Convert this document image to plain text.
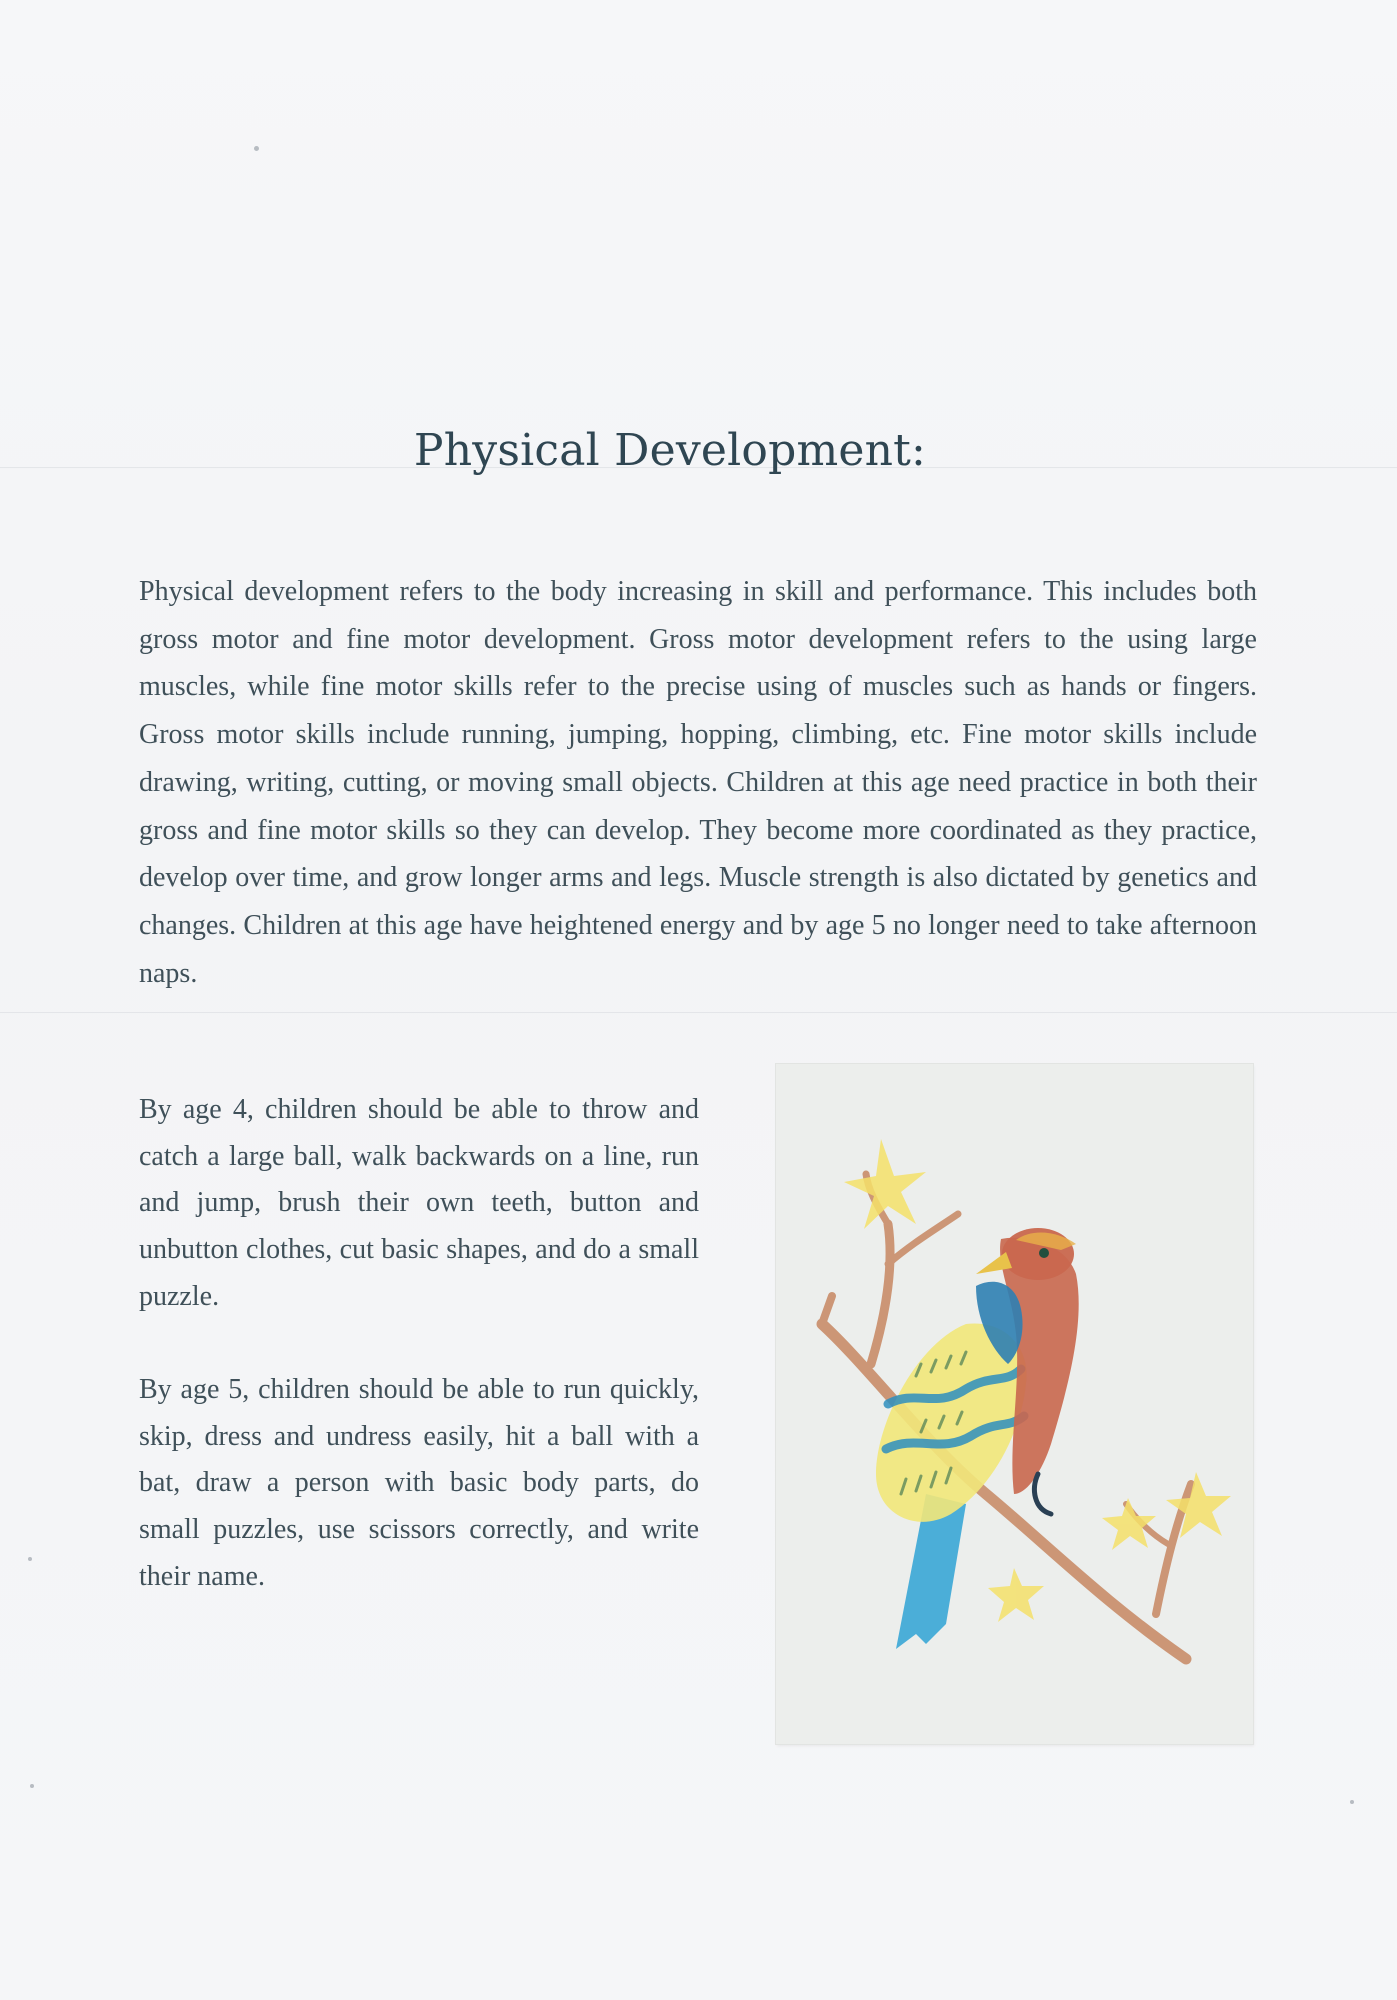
Physical Development:

Physical development refers to the body increasing in skill and performance. This includes both gross motor and fine motor development. Gross motor development refers to the using large muscles, while fine motor skills refer to the precise using of muscles such as hands or fingers. Gross motor skills include running, jumping, hopping, climbing, etc. Fine motor skills include drawing, writing, cutting, or moving small objects. Children at this age need practice in both their gross and fine motor skills so they can develop. They become more coordinated as they practice, develop over time, and grow longer arms and legs. Muscle strength is also dictated by genetics and changes. Children at this age have heightened energy and by age 5 no longer need to take afternoon naps.

By age 4, children should be able to throw and catch a large ball, walk backwards on a line, run and jump, brush their own teeth, button and unbutton clothes, cut basic shapes, and do a small puzzle.

By age 5, children should be able to run quickly, skip, dress and undress easily, hit a ball with a bat, draw a person with basic body parts, do small puzzles, use scissors correctly, and write their name.
